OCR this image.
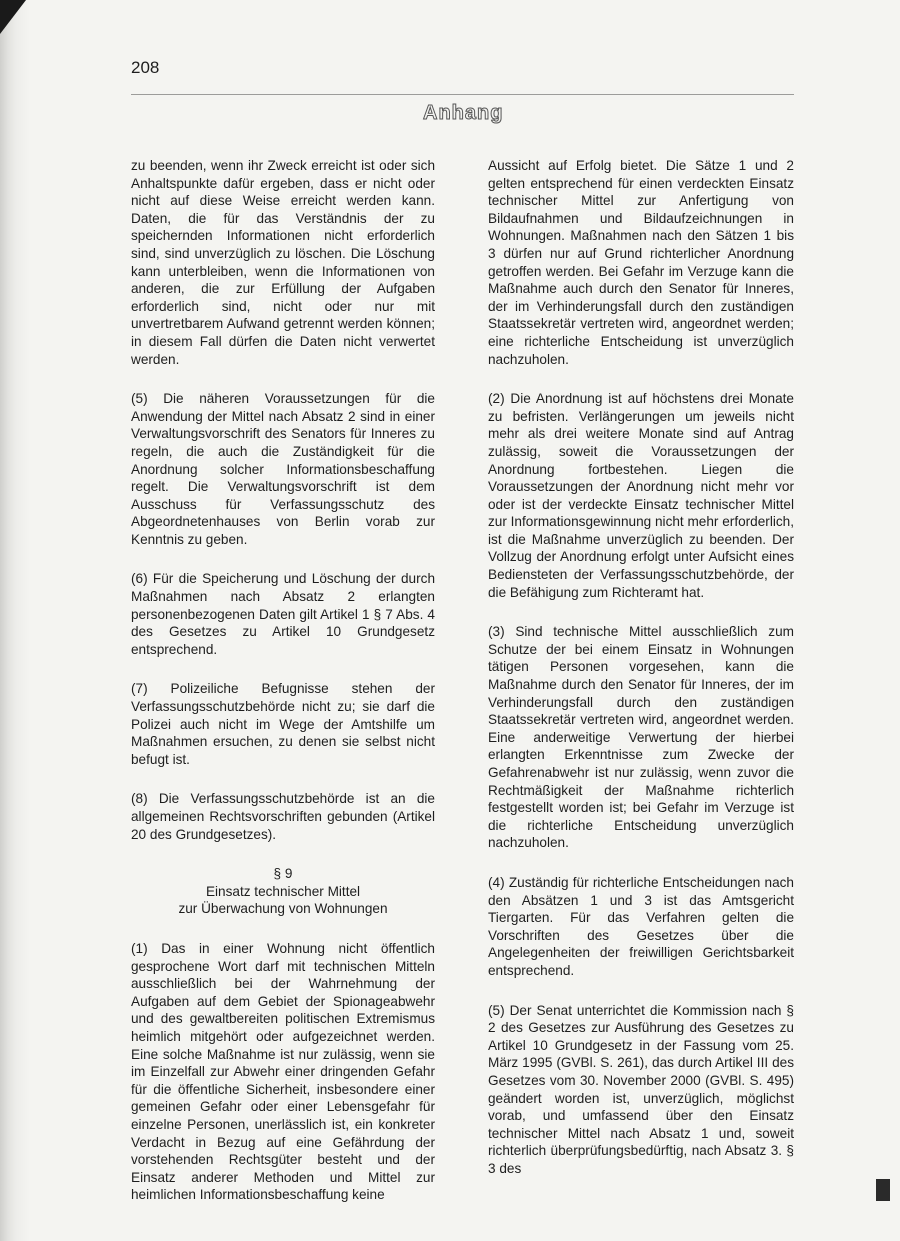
208
Anhang

zu beenden, wenn ihr Zweck erreicht ist oder sich Anhaltspunkte dafür ergeben, dass er nicht oder nicht auf diese Weise erreicht werden kann. Daten, die für das Verständnis der zu speichernden Informationen nicht erforderlich sind, sind unverzüglich zu löschen. Die Löschung kann unterbleiben, wenn die Informationen von anderen, die zur Erfüllung der Aufgaben erforderlich sind, nicht oder nur mit unvertretbarem Aufwand getrennt werden können; in diesem Fall dürfen die Daten nicht verwertet werden.

(5) Die näheren Voraussetzungen für die Anwendung der Mittel nach Absatz 2 sind in einer Verwaltungsvorschrift des Senators für Inneres zu regeln, die auch die Zuständigkeit für die Anordnung solcher Informationsbeschaffung regelt. Die Verwaltungsvorschrift ist dem Ausschuss für Verfassungsschutz des Abgeordnetenhauses von Berlin vorab zur Kenntnis zu geben.

(6) Für die Speicherung und Löschung der durch Maßnahmen nach Absatz 2 erlangten personenbezogenen Daten gilt Artikel 1 § 7 Abs. 4 des Gesetzes zu Artikel 10 Grundgesetz entsprechend.

(7) Polizeiliche Befugnisse stehen der Verfassungsschutzbehörde nicht zu; sie darf die Polizei auch nicht im Wege der Amtshilfe um Maßnahmen ersuchen, zu denen sie selbst nicht befugt ist.

(8) Die Verfassungsschutzbehörde ist an die allgemeinen Rechtsvorschriften gebunden (Artikel 20 des Grundgesetzes).

§ 9
Einsatz technischer Mittel
zur Überwachung von Wohnungen

(1) Das in einer Wohnung nicht öffentlich gesprochene Wort darf mit technischen Mitteln ausschließlich bei der Wahrnehmung der Aufgaben auf dem Gebiet der Spionageabwehr und des gewaltbereiten politischen Extremismus heimlich mitgehört oder aufgezeichnet werden. Eine solche Maßnahme ist nur zulässig, wenn sie im Einzelfall zur Abwehr einer dringenden Gefahr für die öffentliche Sicherheit, insbesondere einer gemeinen Gefahr oder einer Lebensgefahr für einzelne Personen, unerlässlich ist, ein konkreter Verdacht in Bezug auf eine Gefährdung der vorstehenden Rechtsgüter besteht und der Einsatz anderer Methoden und Mittel zur heimlichen Informationsbeschaffung keine

Aussicht auf Erfolg bietet. Die Sätze 1 und 2 gelten entsprechend für einen verdeckten Einsatz technischer Mittel zur Anfertigung von Bildaufnahmen und Bildaufzeichnungen in Wohnungen. Maßnahmen nach den Sätzen 1 bis 3 dürfen nur auf Grund richterlicher Anordnung getroffen werden. Bei Gefahr im Verzuge kann die Maßnahme auch durch den Senator für Inneres, der im Verhinderungsfall durch den zuständigen Staatssekretär vertreten wird, angeordnet werden; eine richterliche Entscheidung ist unverzüglich nachzuholen.

(2) Die Anordnung ist auf höchstens drei Monate zu befristen. Verlängerungen um jeweils nicht mehr als drei weitere Monate sind auf Antrag zulässig, soweit die Voraussetzungen der Anordnung fortbestehen. Liegen die Voraussetzungen der Anordnung nicht mehr vor oder ist der verdeckte Einsatz technischer Mittel zur Informationsgewinnung nicht mehr erforderlich, ist die Maßnahme unverzüglich zu beenden. Der Vollzug der Anordnung erfolgt unter Aufsicht eines Bediensteten der Verfassungsschutzbehörde, der die Befähigung zum Richteramt hat.

(3) Sind technische Mittel ausschließlich zum Schutze der bei einem Einsatz in Wohnungen tätigen Personen vorgesehen, kann die Maßnahme durch den Senator für Inneres, der im Verhinderungsfall durch den zuständigen Staatssekretär vertreten wird, angeordnet werden. Eine anderweitige Verwertung der hierbei erlangten Erkenntnisse zum Zwecke der Gefahrenabwehr ist nur zulässig, wenn zuvor die Rechtmäßigkeit der Maßnahme richterlich festgestellt worden ist; bei Gefahr im Verzuge ist die richterliche Entscheidung unverzüglich nachzuholen.

(4) Zuständig für richterliche Entscheidungen nach den Absätzen 1 und 3 ist das Amtsgericht Tiergarten. Für das Verfahren gelten die Vorschriften des Gesetzes über die Angelegenheiten der freiwilligen Gerichtsbarkeit entsprechend.

(5) Der Senat unterrichtet die Kommission nach § 2 des Gesetzes zur Ausführung des Gesetzes zu Artikel 10 Grundgesetz in der Fassung vom 25. März 1995 (GVBl. S. 261), das durch Artikel III des Gesetzes vom 30. November 2000 (GVBl. S. 495) geändert worden ist, unverzüglich, möglichst vorab, und umfassend über den Einsatz technischer Mittel nach Absatz 1 und, soweit richterlich überprüfungsbedürftig, nach Absatz 3. § 3 des
